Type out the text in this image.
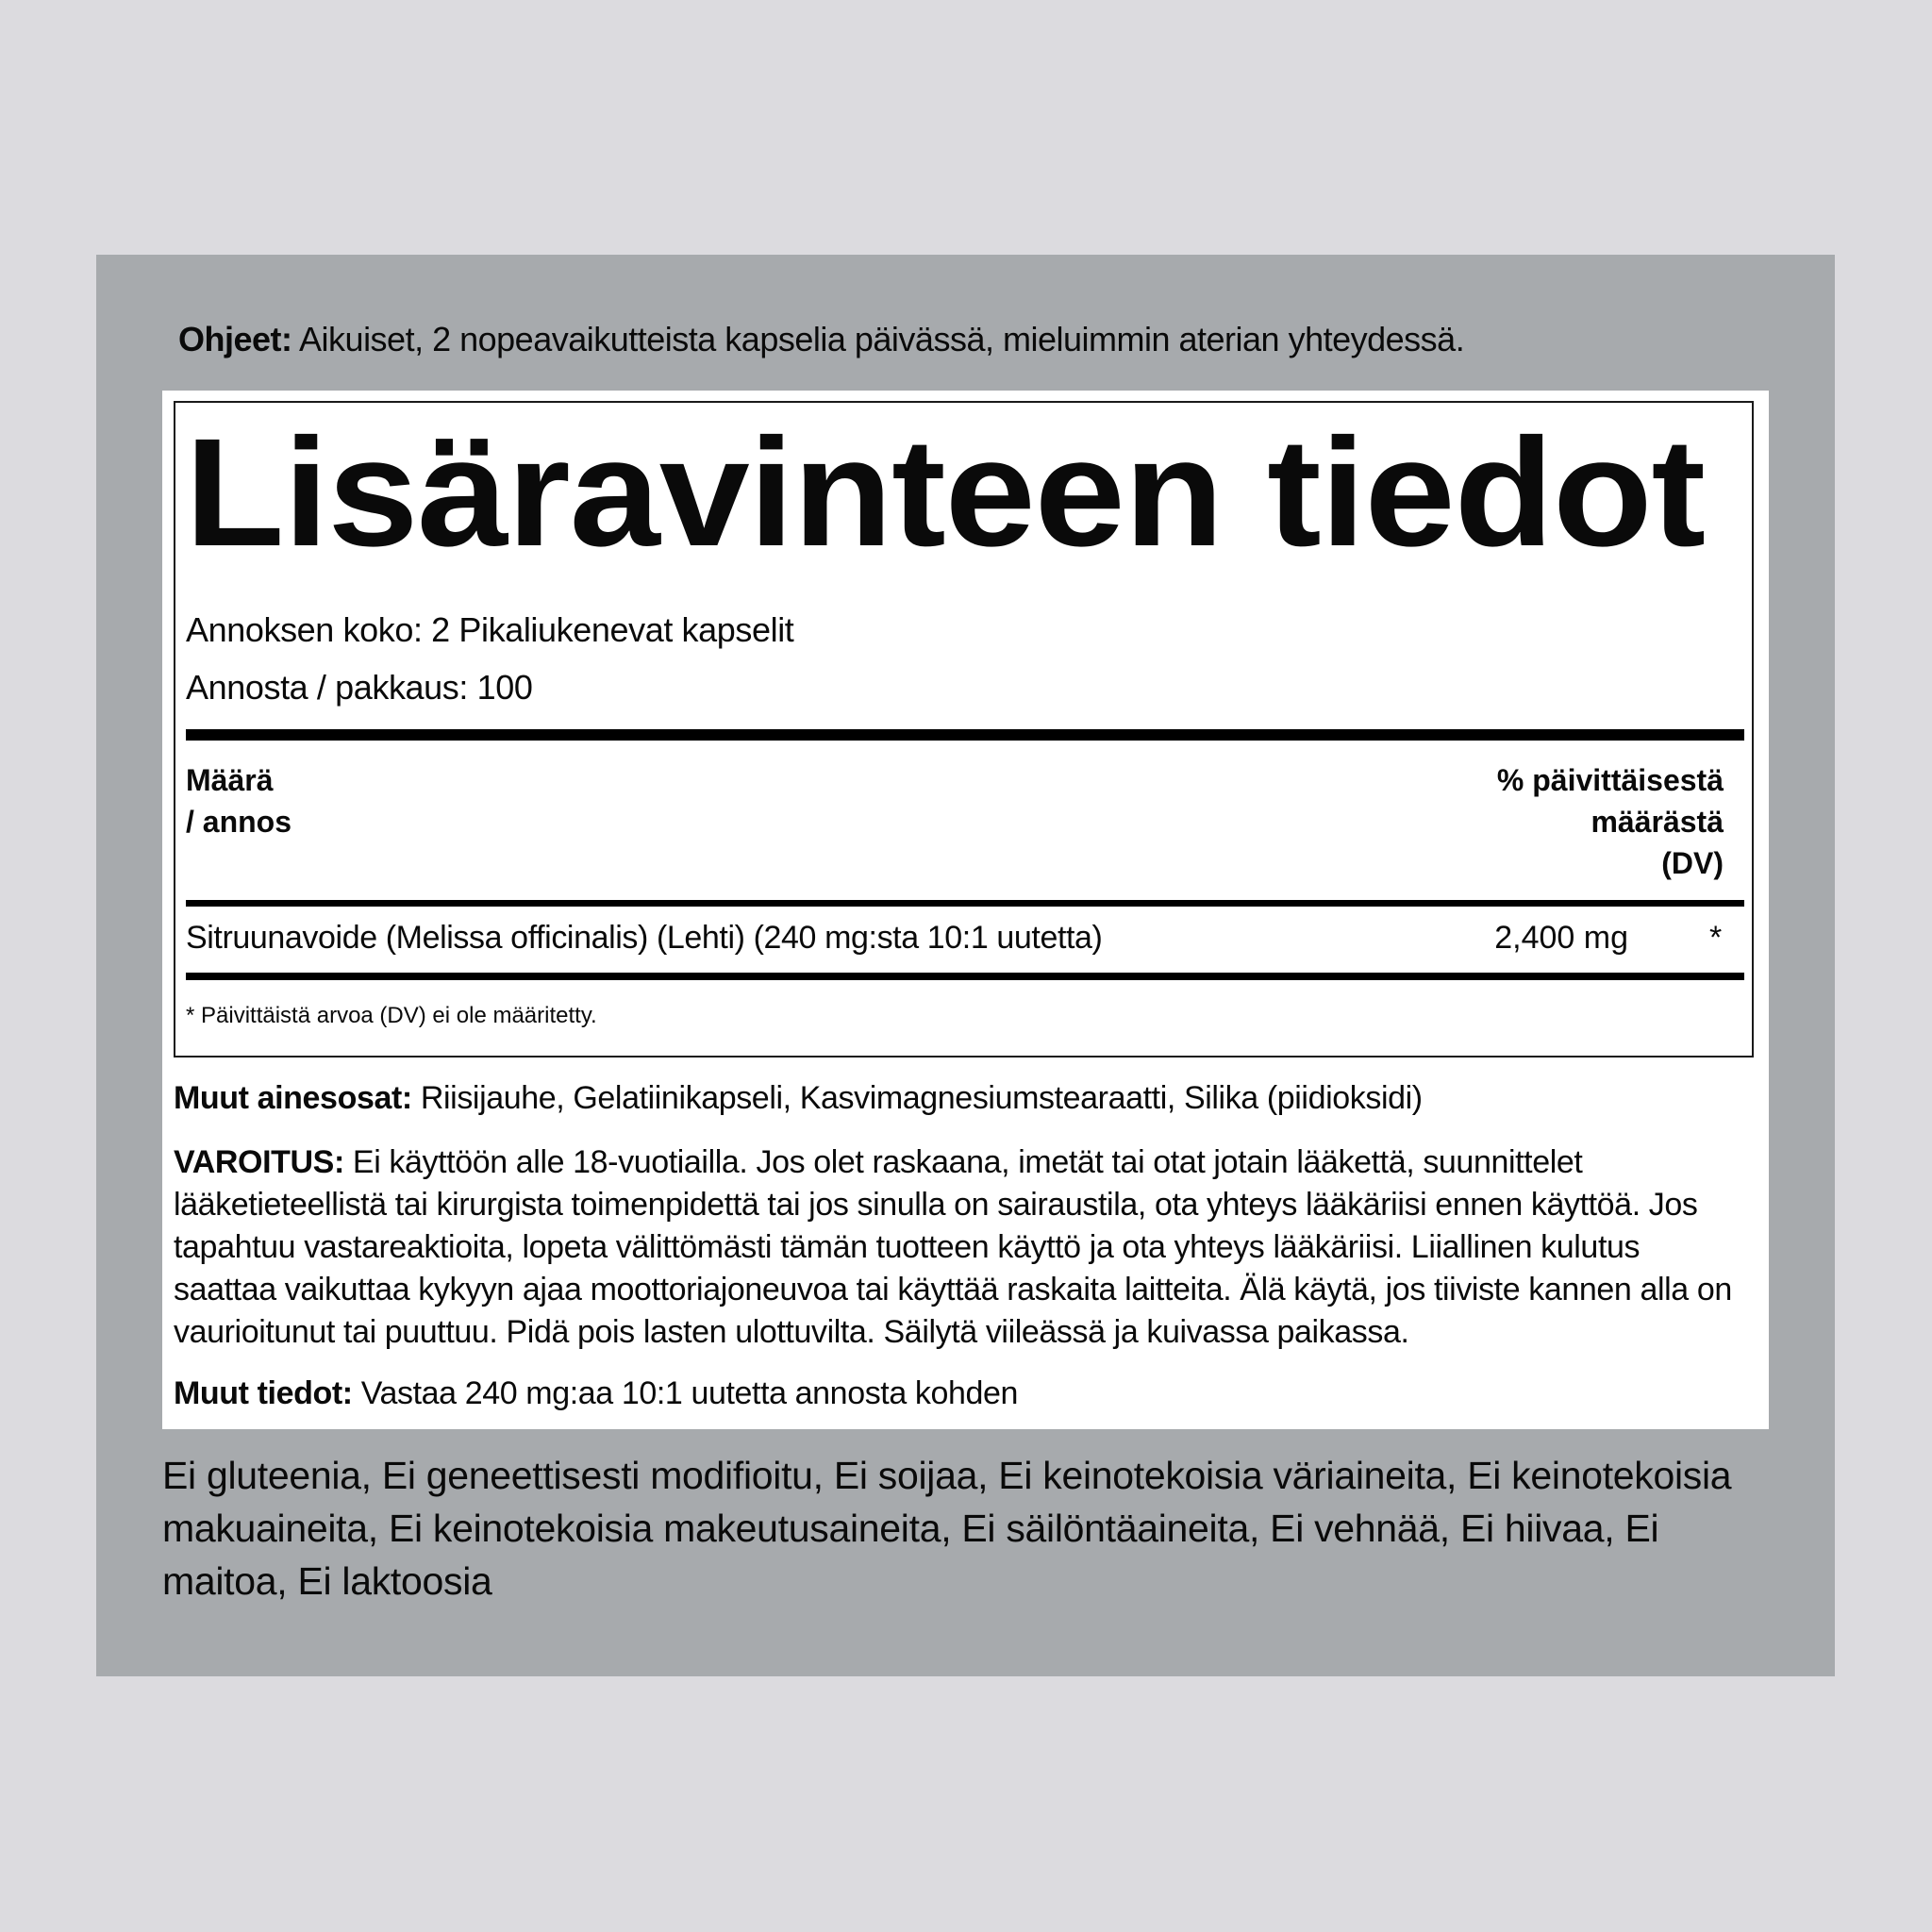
Ohjeet: Aikuiset, 2 nopeavaikutteista kapselia päivässä, mieluimmin aterian yhteydessä.
Lisäravinteen tiedot
Annoksen koko: 2 Pikaliukenevat kapselit
Annosta / pakkaus: 100
Määrä
/ annos
% päivittäisestä
määrästä
(DV)
Sitruunavoide (Melissa officinalis) (Lehti) (240 mg:sta 10:1 uutetta)	2,400 mg	*
* Päivittäistä arvoa (DV) ei ole määritetty.
Muut ainesosat: Riisijauhe, Gelatiinikapseli, Kasvimagnesiumstearaatti, Silika (piidioksidi)
VAROITUS: Ei käyttöön alle 18-vuotiailla. Jos olet raskaana, imetät tai otat jotain lääkettä, suunnittelet lääketieteellistä tai kirurgista toimenpidettä tai jos sinulla on sairaustila, ota yhteys lääkäriisi ennen käyttöä. Jos tapahtuu vastareaktioita, lopeta välittömästi tämän tuotteen käyttö ja ota yhteys lääkäriisi. Liiallinen kulutus saattaa vaikuttaa kykyyn ajaa moottoriajoneuvoa tai käyttää raskaita laitteita. Älä käytä, jos tiiviste kannen alla on vaurioitunut tai puuttuu. Pidä pois lasten ulottuvilta. Säilytä viileässä ja kuivassa paikassa.
Muut tiedot: Vastaa 240 mg:aa 10:1 uutetta annosta kohden
Ei gluteenia, Ei geneettisesti modifioitu, Ei soijaa, Ei keinotekoisia väriaineita, Ei keinotekoisia makuaineita, Ei keinotekoisia makeutusaineita, Ei säilöntäaineita, Ei vehnää, Ei hiivaa, Ei maitoa, Ei laktoosia
